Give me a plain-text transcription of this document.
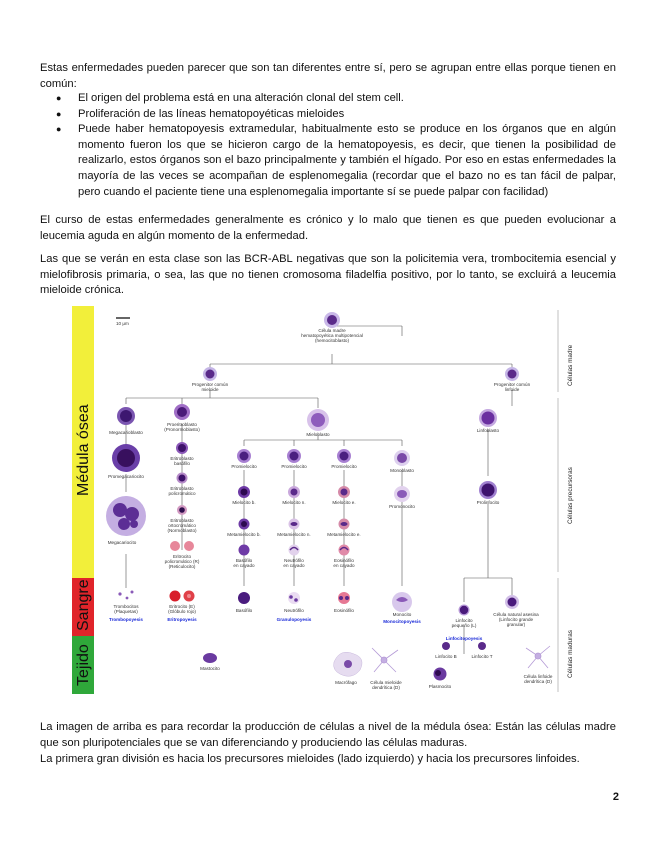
Estas enfermedades pueden parecer que son tan diferentes entre sí, pero se agrupan entre ellas porque tienen en común:

● El origen del problema está en una alteración clonal del stem cell.
● Proliferación de las líneas hematopoyéticas mieloides
● Puede haber hematopoyesis extramedular, habitualmente esto se produce en los órganos que en algún momento fueron los que se hicieron cargo de la hematopoyesis, es decir, que tienen la posibilidad de realizarlo, estos órganos son el bazo principalmente y también el hígado. Por eso en estas enfermedades la mayoría de las veces se acompañan de esplenomegalia (recordar que el bazo no es tan fácil de palpar, pero cuando el paciente tiene una esplenomegalia importante sí se puede palpar con facilidad)

El curso de estas enfermedades generalmente es crónico y lo malo que tienen es que pueden evolucionar a leucemia aguda en algún momento de la enfermedad.

Las que se verán en esta clase son las BCR-ABL negativas que son la policitemia vera, trombocitemia esencial y mielofibrosis primaria, o sea, las que no tienen cromosoma filadelfia positivo, por lo tanto, se excluirá a leucemia mieloide crónica.

Médula ósea
Sangre
Tejido
Células madre
Células precursoras
Células maduras
10 μm
Célula madre
hematopoyética multipotencial
(hemocitoblasto)
Progenitor común
mieloide
Progenitor común
linfoide
Megacarioblasto
Promegacariocito
Megacariocito
Proeritroblasto
(Pronormoblasto)
Eritroblasto
basófilo
Eritroblasto
policromático
Eritroblasto
ortocromático
(Normoblasto)
Eritrocito
policromático (R)
(Reticulocito)
Mieloblasto
Promielocito	Promielocito	Promielocito
Mielocito b.	Mielocito n.	Mielocito e.
Metamielocito b.	Metamielocito n.	Metamielocito e.
Basófilo
en cayado
Neutrófilo
en cayado
Eosinófilo
en cayado
Monoblasto
Promonocito
Linfoblasto
Prolinfocito
Trombocitos
(Plaquetas)
Trombopoyesis
Eritrocito (E)
(Glóbulo rojo)
Eritropoyesis
Basófilo	Neutrófilo	Eosinófilo
Granulopoyesis
Monocito
Monocitopoyesis	Linfocito
pequeño (L)
Célula natural asesina
(Linfocito grande
granular)
Mastocito
Macrófago	Célula mieloide
dendrítica (D)
Linfocito B	Linfocito T
Linfocitopoyesis
Plasmocito
Célula linfoide
dendrítica (D)

La imagen de arriba es para recordar la producción de células a nivel de la médula ósea: Están las células madre que son pluripotenciales que se van diferenciando y produciendo las células maduras.

La primera gran división es hacia los precursores mieloides (lado izquierdo) y hacia los precursores linfoides.

2
